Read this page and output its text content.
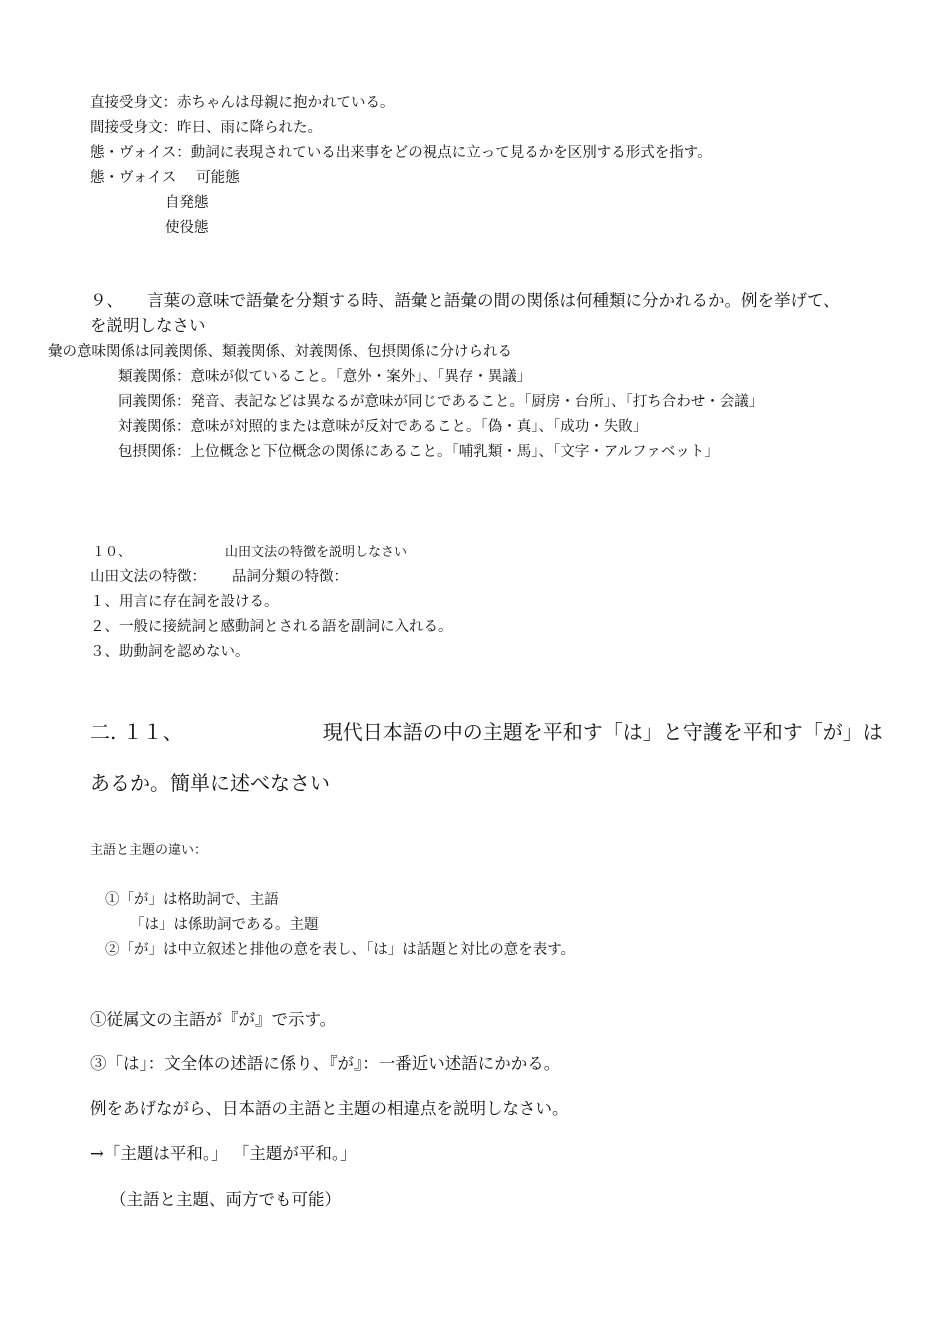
直接受身文：赤ちゃんは母親に抱かれている。
間接受身文：昨日、雨に降られた。
態・ヴォイス：動詞に表現されている出来事をどの視点に立って見るかを区別する形式を指す。
態・ヴォイス 可能態
自発態
使役態
９、 言葉の意味で語彙を分類する時、語彙と語彙の間の関係は何種類に分かれるか。例を挙げて、
を説明しなさい
彙の意味関係は同義関係、類義関係、対義関係、包摂関係に分けられる
類義関係：意味が似ていること。「意外・案外」、「異存・異議」
同義関係：発音、表記などは異なるが意味が同じであること。「厨房・台所」、「打ち合わせ・会議」
対義関係：意味が対照的または意味が反対であること。「偽・真」、「成功・失敗」
包摂関係：上位概念と下位概念の関係にあること。「哺乳類・馬」、「文字・アルファベット」
１０、	山田文法の特徴を説明しなさい
山田文法の特徴： 品詞分類の特徴：
１、用言に存在詞を設ける。
２、一般に接続詞と感動詞とされる語を副詞に入れる。
３、助動詞を認めない。
二. １１、	現代日本語の中の主題を平和す「は」と守護を平和す「が」は
あるか。簡単に述べなさい
主語と主題の違い：
①「が」は格助詞で、主語
「は」は係助詞である。主題
②「が」は中立叙述と排他の意を表し、「は」は話題と対比の意を表す。
①従属文の主語が『が』で示す。
③「は」：文全体の述語に係り、『が』：一番近い述語にかかる。
例をあげながら、日本語の主語と主題の相違点を説明しなさい。
→「主題は平和。」 「主題が平和。」
（主語と主題、両方でも可能）
